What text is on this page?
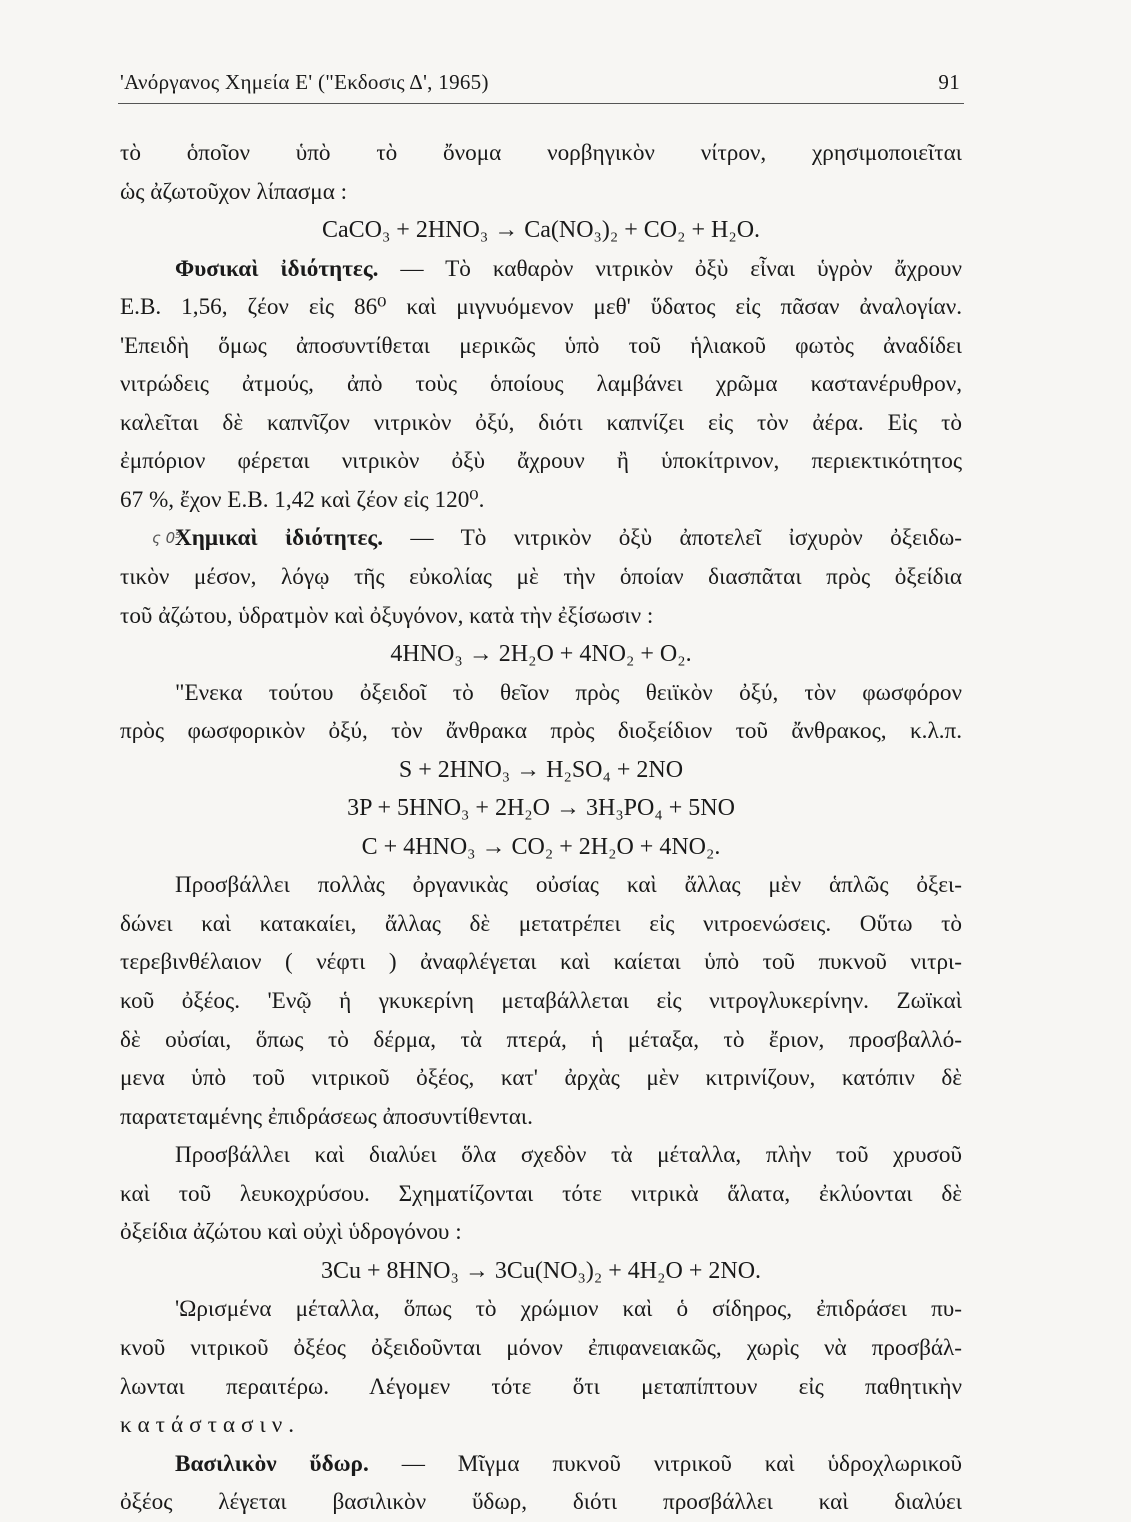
'Ανόργανος Χημεία Ε' ("Εκδοσις Δ', 1965)	91
τὸ ὁποῖον ὑπὸ τὸ ὄνομα νορβηγικὸν νίτρον, χρησιμοποιεῖται
ὡς ἀζωτοῦχον λίπασμα :
CaCO₃ + 2HNO₃ → Ca(NO₃)₂ + CO₂ + H₂O.
Φυσικαὶ ἰδιότητες. — Τὸ καθαρὸν νιτρικὸν ὀξὺ εἶναι ὑγρὸν ἄχρουν
Ε.Β. 1,56, ζέον εἰς 86⁰ καὶ μιγνυόμενον μεθ' ὕδατος εἰς πᾶσαν ἀναλογίαν.
'Επειδὴ ὅμως ἀποσυντίθεται μερικῶς ὑπὸ τοῦ ἡλιακοῦ φωτὸς ἀναδίδει
νιτρώδεις ἀτμούς, ἀπὸ τοὺς ὁποίους λαμβάνει χρῶμα καστανέρυθρον,
καλεῖται δὲ καπνῖζον νιτρικὸν ὀξύ, διότι καπνίζει εἰς τὸν ἀέρα. Εἰς τὸ
ἐμπόριον φέρεται νιτρικὸν ὀξὺ ἄχρουν ἢ ὑποκίτρινον, περιεκτικότητος
67 %, ἔχον Ε.Β. 1,42 καὶ ζέον εἰς 120⁰.
ς 0⁵
Χημικαὶ ἰδιότητες. — Τὸ νιτρικὸν ὀξὺ ἀποτελεῖ ἰσχυρὸν ὀξειδω-
τικὸν μέσον, λόγῳ τῆς εὐκολίας μὲ τὴν ὁποίαν διασπᾶται πρὸς ὀξείδια
τοῦ ἀζώτου, ὑδρατμὸν καὶ ὀξυγόνον, κατὰ τὴν ἐξίσωσιν :
4HNO₃ → 2H₂O + 4NO₂ + O₂.
"Ενεκα τούτου ὀξειδοῖ τὸ θεῖον πρὸς θειϊκὸν ὀξύ, τὸν φωσφόρον
πρὸς φωσφορικὸν ὀξύ, τὸν ἄνθρακα πρὸς διοξείδιον τοῦ ἄνθρακος, κ.λ.π.
S + 2HNO₃ → H₂SO₄ + 2NO
3P + 5HNO₃ + 2H₂O → 3H₃PO₄ + 5NO
C + 4HNO₃ → CO₂ + 2H₂O + 4NO₂.
Προσβάλλει πολλὰς ὀργανικὰς οὐσίας καὶ ἄλλας μὲν ἁπλῶς ὀξει-
δώνει καὶ κατακαίει, ἄλλας δὲ μετατρέπει εἰς νιτροενώσεις. Οὕτω τὸ
τερεβινθέλαιον ( νέφτι ) ἀναφλέγεται καὶ καίεται ὑπὸ τοῦ πυκνοῦ νιτρι-
κοῦ ὀξέος. 'Ενῷ ἡ γκυκερίνη μεταβάλλεται εἰς νιτρογλυκερίνην. Ζωϊκαὶ
δὲ οὐσίαι, ὅπως τὸ δέρμα, τὰ πτερά, ἡ μέταξα, τὸ ἔριον, προσβαλλό-
μενα ὑπὸ τοῦ νιτρικοῦ ὀξέος, κατ' ἀρχὰς μὲν κιτρινίζουν, κατόπιν δὲ
παρατεταμένης ἐπιδράσεως ἀποσυντίθενται.
Προσβάλλει καὶ διαλύει ὅλα σχεδὸν τὰ μέταλλα, πλὴν τοῦ χρυσοῦ
καὶ τοῦ λευκοχρύσου. Σχηματίζονται τότε νιτρικὰ ἅλατα, ἐκλύονται δὲ
ὀξείδια ἀζώτου καὶ οὐχὶ ὑδρογόνου :
3Cu + 8HNO₃ → 3Cu(NO₃)₂ + 4H₂O + 2NO.
'Ωρισμένα μέταλλα, ὅπως τὸ χρώμιον καὶ ὁ σίδηρος, ἐπιδράσει πυ-
κνοῦ νιτρικοῦ ὀξέος ὀξειδοῦνται μόνον ἐπιφανειακῶς, χωρὶς νὰ προσβάλ-
λωνται περαιτέρω. Λέγομεν τότε ὅτι μεταπίπτουν εἰς παθητικὴν
κατάστασιν.
Βασιλικὸν ὕδωρ. — Μῖγμα πυκνοῦ νιτρικοῦ καὶ ὑδροχλωρικοῦ
ὀξέος λέγεται βασιλικὸν ὕδωρ, διότι προσβάλλει καὶ διαλύει
